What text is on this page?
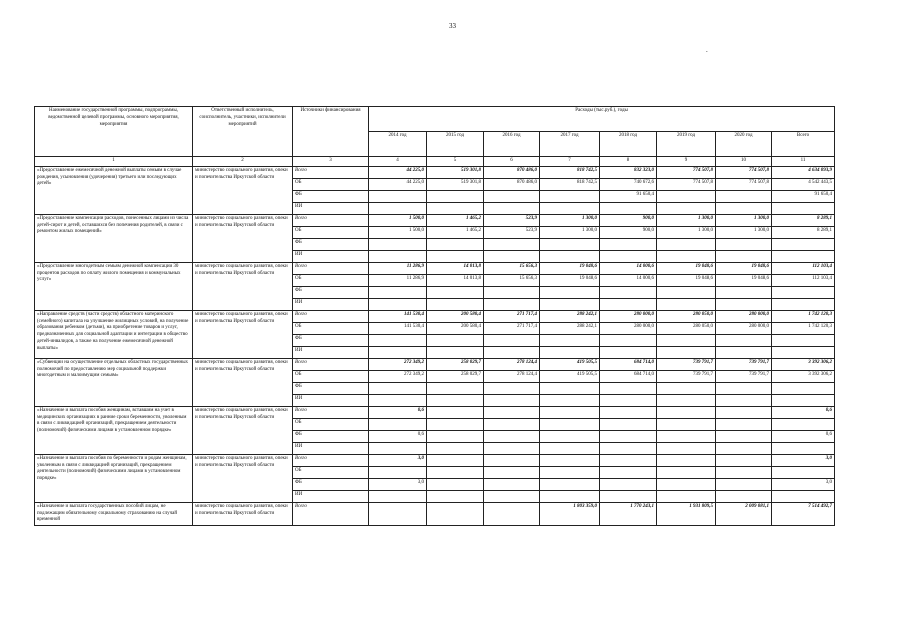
33
.
Наименование государственной программы, подпрограммы, ведомственной целевой программы, основного мероприятия, мероприятия	Ответственный исполнитель, соисполнитель, участники, исполнители мероприятий	Источники финансирования	Расходы (тыс.руб.), годы							
			2014 год	2015 год	2016 год	2017 год	2018 год	2019 год	2020 год	Всего
1	2	3	4	5	6	7	8	9	10	11
«Предоставление ежемесячной денежной выплаты семьям в случае рождения, усыновления (удочерения) третьего или последующих детей»	министерство социального развития, опеки и попечительства Иркутской области	Всего	44 225,0	519 301,8	870 486,0	818 742,5	832 323,0	774 507,8	774 507,8	4 634 093,9
		ОБ	44 225,0	519 301,8	870 486,0	818 742,5	740 672,6	774 507,8	774 507,8	4 542 443,5
		ФБ					91 650,4			91 650,4
		ИИ								
«Предоставление компенсации расходов, понесенных лицами из числа детей-сирот и детей, оставшихся без попечения родителей, в связи с ремонтом жилых помещений»	министерство социального развития, опеки и попечительства Иркутской области	Всего	1 500,0	1 465,2	523,9	1 300,0	900,0	1 300,0	1 300,0	8 289,1
		ОБ	1 500,0	1 465,2	523,9	1 300,0	900,0	1 300,0	1 300,0	8 289,1
		ФБ								
		ИИ								
«Предоставление многодетным семьям денежной компенсации 30 процентов расходов по оплату жилого помещения и коммунальных услуг»	министерство социального развития, опеки и попечительства Иркутской области	Всего	11 286,9	14 013,8	15 656,3	19 048,6	14 000,6	19 048,6	19 048,6	112 103,4
		ОБ	11 286,9	14 013,8	15 656,3	19 048,6	14 000,6	19 048,6	19 048,6	112 103,4
		ФБ								
		ИИ								
«Направление средств (части средств) областного материнского (семейного) капитала на улучшение жилищных условий, на получение образования ребенком (детьми), на приобретение товаров и услуг, предназначенных для социальной адаптации и интеграции в общество детей-инвалидов, а также на получение ежемесячной денежной выплаты»	министерство социального развития, опеки и попечительства Иркутской области	Всего	141 530,4	200 580,4	271 717,4	288 242,1	280 000,0	280 050,0	280 000,0	1 742 120,3
		ОБ	141 530,4	200 580,4	271 717,4	288 242,1	280 000,0	280 050,0	280 000,0	1 742 120,3
		ФБ								
		ИИ								
«Субвенции на осуществление отдельных областных государственных полномочий по предоставлению мер социальной поддержки многодетным и малоимущим семьям»	министерство социального развития, опеки и попечительства Иркутской области	Всего	272 349,2	258 029,7	278 124,4	419 505,5	684 714,0	739 791,7	739 791,7	3 392 306,2
		ОБ	272 349,2	258 029,7	278 124,4	419 505,5	684 714,0	739 791,7	739 791,7	3 392 306,2
		ФБ								
		ИИ								
«Назначение и выплата пособия женщинам, вставшим на учет в медицинских организациях в ранние сроки беременности, уволенным в связи с ликвидацией организаций, прекращением деятельности (полномочий) физическими лицами в установленном порядке»	министерство социального развития, опеки и попечительства Иркутской области	Всего	0,6							0,6
		ОБ								
		ФБ	0,6							0,6
		ИИ								
«Назначение и выплата пособия по беременности и родам женщинам, уволенным в связи с ликвидацией организаций, прекращением деятельности (полномочий) физическими лицами в установленном порядке»	министерство социального развития, опеки и попечительства Иркутской области	Всего	3,0							3,0
		ОБ								
		ФБ	3,0							3,0
		ИИ								
«Назначение и выплата государственных пособий лицам, не подлежащим обязательному социальному страхованию на случай временной	министерство социального развития, опеки и попечительства Иркутской области	Всего				1 803 359,0	1 770 243,1	1 931 809,5	2 009 081,1	7 514 492,7
